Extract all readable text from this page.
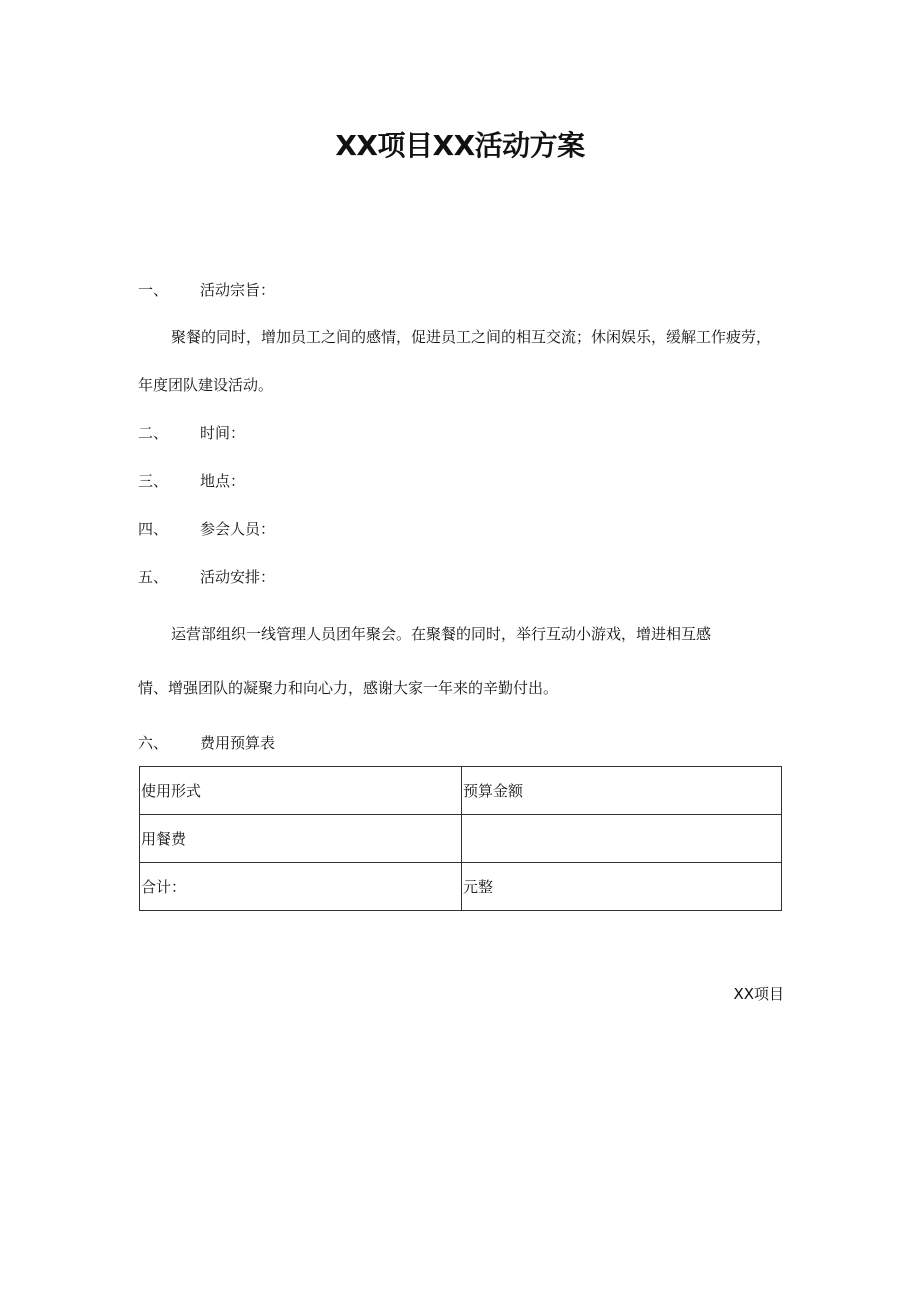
XX项目XX活动方案
一、 活动宗旨：
聚餐的同时，增加员工之间的感情，促进员工之间的相互交流；休闲娱乐，缓解工作疲劳，
年度团队建设活动。
二、 时间：
三、 地点：
四、 参会人员：
五、 活动安排：
运营部组织一线管理人员团年聚会。在聚餐的同时，举行互动小游戏，增进相互感
情、增强团队的凝聚力和向心力，感谢大家一年来的辛勤付出。
六、 费用预算表
使用形式	预算金额
用餐费	
合计：	元整
XX项目
